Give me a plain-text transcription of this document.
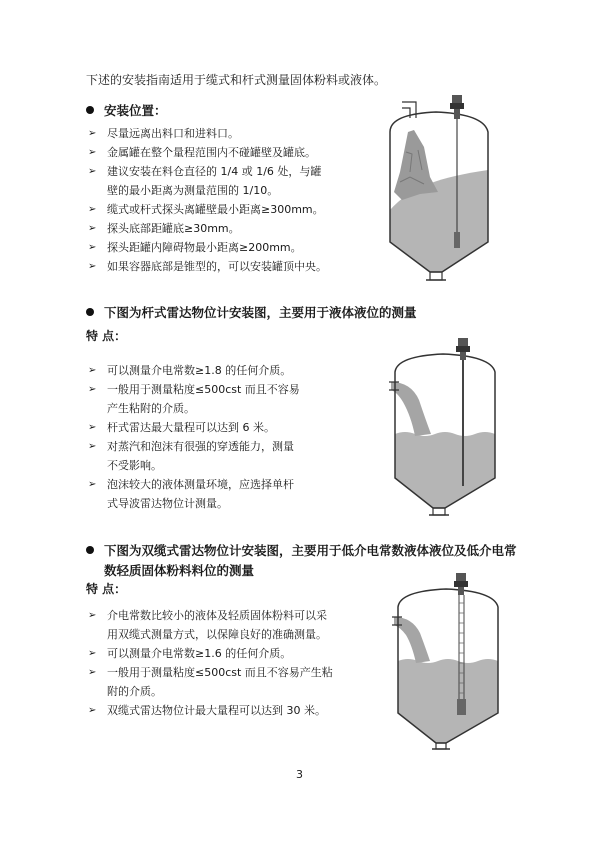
下述的安装指南适用于缆式和杆式测量固体粉料或液体。
安装位置：
➢ 尽量远离出料口和进料口。
➢ 金属罐在整个量程范围内不碰罐壁及罐底。
➢ 建议安装在料仓直径的 1/4 或 1/6 处，与罐
壁的最小距离为测量范围的 1/10。
➢ 缆式或杆式探头离罐壁最小距离≥300mm。
➢ 探头底部距罐底≥30mm。
➢ 探头距罐内障碍物最小距离≥200mm。
➢ 如果容器底部是锥型的，可以安装罐顶中央。
下图为杆式雷达物位计安装图，主要用于液体液位的测量
特 点：
➢ 可以测量介电常数≥1.8 的任何介质。
➢ 一般用于测量粘度≤500cst 而且不容易
产生粘附的介质。
➢ 杆式雷达最大量程可以达到 6 米。
➢ 对蒸汽和泡沫有很强的穿透能力，测量
不受影响。
➢ 泡沫较大的液体测量环境，应选择单杆
式导波雷达物位计测量。
下图为双缆式雷达物位计安装图，主要用于低介电常数液体液位及低介电常
数轻质固体粉料料位的测量
特 点：
➢ 介电常数比较小的液体及轻质固体粉料可以采
用双缆式测量方式，以保障良好的准确测量。
➢ 可以测量介电常数≥1.6 的任何介质。
➢ 一般用于测量粘度≤500cst 而且不容易产生粘
附的介质。
➢ 双缆式雷达物位计最大量程可以达到 30 米。
3
